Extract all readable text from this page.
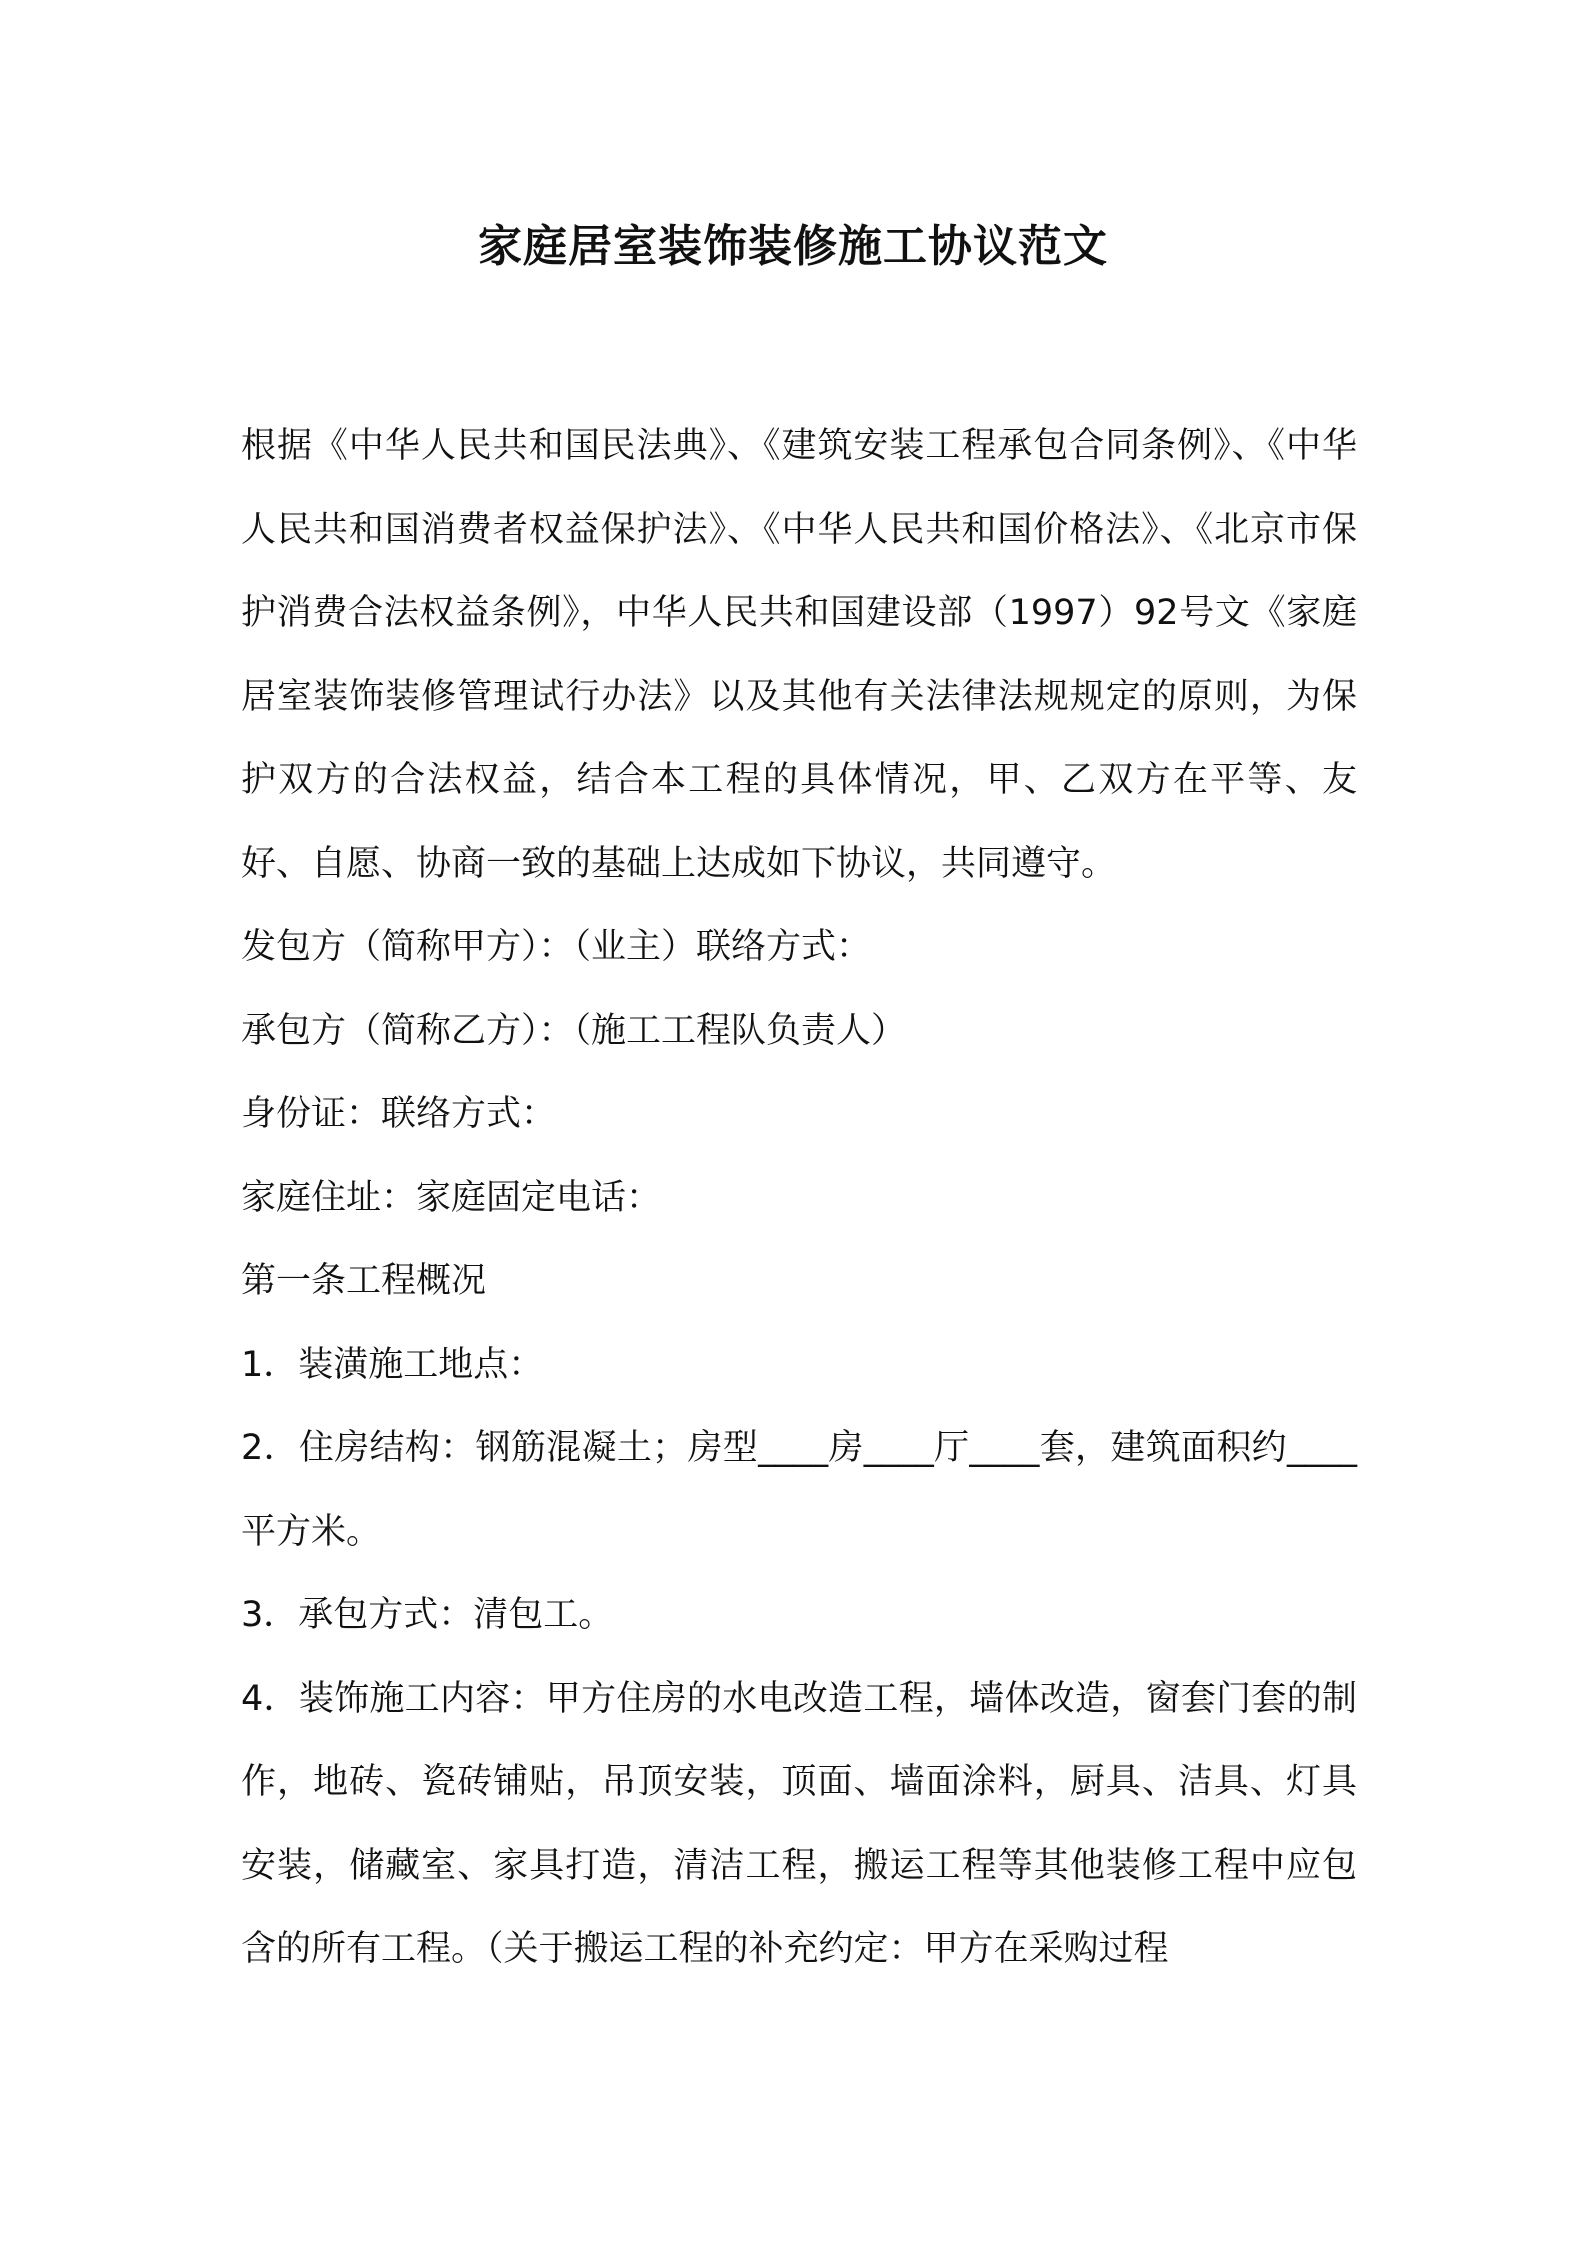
家庭居室装饰装修施工协议范文

根据《中华人民共和国民法典》、《建筑安装工程承包合同条例》、《中华人民共和国消费者权益保护法》、《中华人民共和国价格法》、《北京市保护消费合法权益条例》，中华人民共和国建设部（1997）92号文《家庭居室装饰装修管理试行办法》以及其他有关法律法规规定的原则，为保护双方的合法权益，结合本工程的具体情况，甲、乙双方在平等、友好、自愿、协商一致的基础上达成如下协议，共同遵守。

发包方（简称甲方）：（业主）联络方式：

承包方（简称乙方）：（施工工程队负责人）

身份证：联络方式：

家庭住址：家庭固定电话：

第一条工程概况

1．装潢施工地点：

2．住房结构：钢筋混凝土；房型____房____厅____套，建筑面积约____平方米。

3．承包方式：清包工。

4．装饰施工内容：甲方住房的水电改造工程，墙体改造，窗套门套的制作，地砖、瓷砖铺贴，吊顶安装，顶面、墙面涂料，厨具、洁具、灯具安装，储藏室、家具打造，清洁工程，搬运工程等其他装修工程中应包含的所有工程。（关于搬运工程的补充约定：甲方在采购过程
